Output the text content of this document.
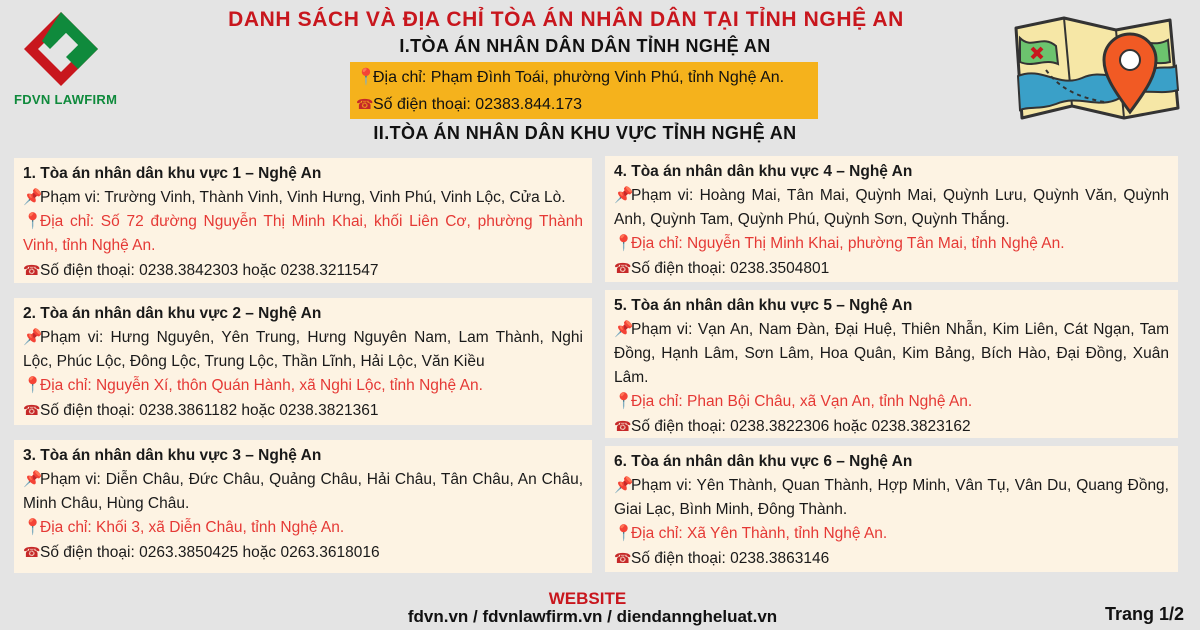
FDVN LAWFIRM
DANH SÁCH VÀ ĐỊA CHỈ TÒA ÁN NHÂN DÂN TẠI TỈNH NGHỆ AN
I.TÒA ÁN NHÂN DÂN DÂN TỈNH NGHỆ AN
📍Địa chỉ: Phạm Đình Toái, phường Vinh Phú, tỉnh Nghệ An.
☎Số điện thoại: 02383.844.173
II.TÒA ÁN NHÂN DÂN KHU VỰC TỈNH NGHỆ AN
1. Tòa án nhân dân khu vực 1 – Nghệ An

📌Phạm vi: Trường Vinh, Thành Vinh, Vinh Hưng, Vinh Phú, Vinh Lộc, Cửa Lò.

📍Địa chỉ: Số 72 đường Nguyễn Thị Minh Khai, khối Liên Cơ, phường Thành Vinh, tỉnh Nghệ An.

☎Số điện thoại: 0238.3842303 hoặc 0238.3211547

2. Tòa án nhân dân khu vực 2 – Nghệ An

📌Phạm vi: Hưng Nguyên, Yên Trung, Hưng Nguyên Nam, Lam Thành, Nghi Lộc, Phúc Lộc, Đông Lộc, Trung Lộc, Thần Lĩnh, Hải Lộc, Văn Kiều

📍Địa chỉ: Nguyễn Xí, thôn Quán Hành, xã Nghi Lộc, tỉnh Nghệ An.

☎Số điện thoại: 0238.3861182 hoặc 0238.3821361

3. Tòa án nhân dân khu vực 3 – Nghệ An

📌Phạm vi: Diễn Châu, Đức Châu, Quảng Châu, Hải Châu, Tân Châu, An Châu, Minh Châu, Hùng Châu.

📍Địa chỉ: Khối 3, xã Diễn Châu, tỉnh Nghệ An.

☎Số điện thoại: 0263.3850425 hoặc 0263.3618016

4. Tòa án nhân dân khu vực 4 – Nghệ An

📌Phạm vi: Hoàng Mai, Tân Mai, Quỳnh Mai, Quỳnh Lưu, Quỳnh Văn, Quỳnh Anh, Quỳnh Tam, Quỳnh Phú, Quỳnh Sơn, Quỳnh Thắng.

📍Địa chỉ: Nguyễn Thị Minh Khai, phường Tân Mai, tỉnh Nghệ An.

☎Số điện thoại: 0238.3504801

5. Tòa án nhân dân khu vực 5 – Nghệ An

📌Phạm vi: Vạn An, Nam Đàn, Đại Huệ, Thiên Nhẫn, Kim Liên, Cát Ngạn, Tam Đồng, Hạnh Lâm, Sơn Lâm, Hoa Quân, Kim Bảng, Bích Hào, Đại Đồng, Xuân Lâm.

📍Địa chỉ: Phan Bội Châu, xã Vạn An, tỉnh Nghệ An.

☎Số điện thoại: 0238.3822306 hoặc 0238.3823162

6. Tòa án nhân dân khu vực 6 – Nghệ An

📌Phạm vi: Yên Thành, Quan Thành, Hợp Minh, Vân Tụ, Vân Du, Quang Đồng, Giai Lạc, Bình Minh, Đông Thành.

📍Địa chỉ: Xã Yên Thành, tỉnh Nghệ An.

☎Số điện thoại: 0238.3863146

WEBSITE
fdvn.vn / fdvnlawfirm.vn / diendanngheluat.vn	Trang 1/2
